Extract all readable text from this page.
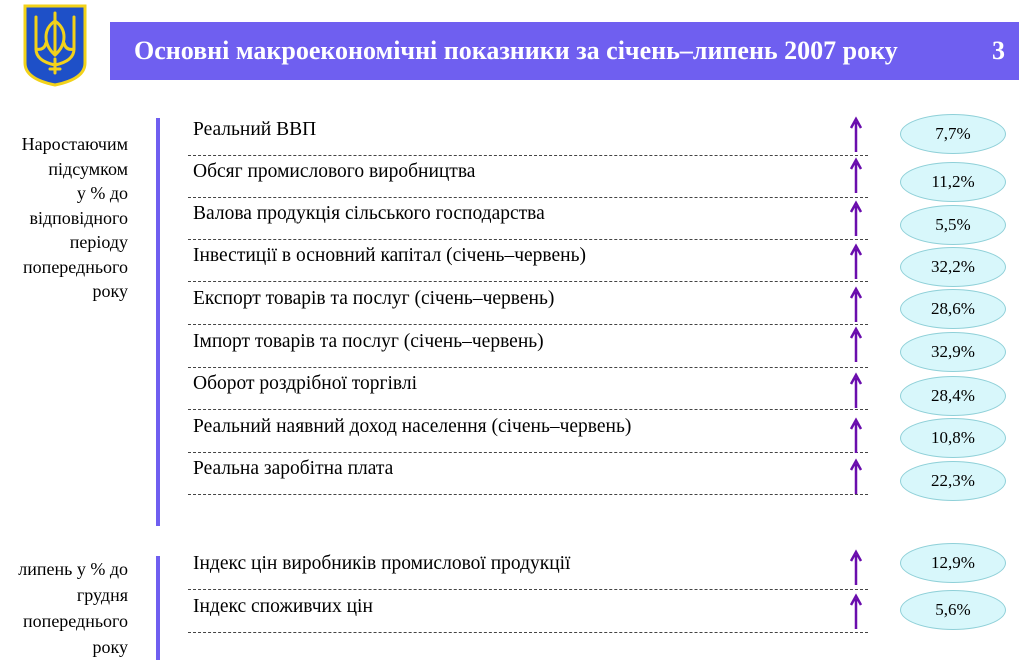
Основні макроекономічні показники за січень–липень 2007 року	3
Наростаючим
підсумком
у % до
відповідного
періоду
попереднього
року
Реальний ВВП
Обсяг промислового виробництва
Валова продукція сільського господарства
Інвестиції в основний капітал (січень–червень)
Експорт товарів та послуг (січень–червень)
Імпорт товарів та послуг (січень–червень)
Оборот роздрібної торгівлі
Реальний наявний доход населення (січень–червень)
Реальна заробітна плата
7,7%
11,2%
5,5%
32,2%
28,6%
32,9%
28,4%
10,8%
22,3%
липень у % до
грудня
попереднього
року
Індекс цін виробників промислової продукції
Індекс споживчих цін
12,9%
5,6%
